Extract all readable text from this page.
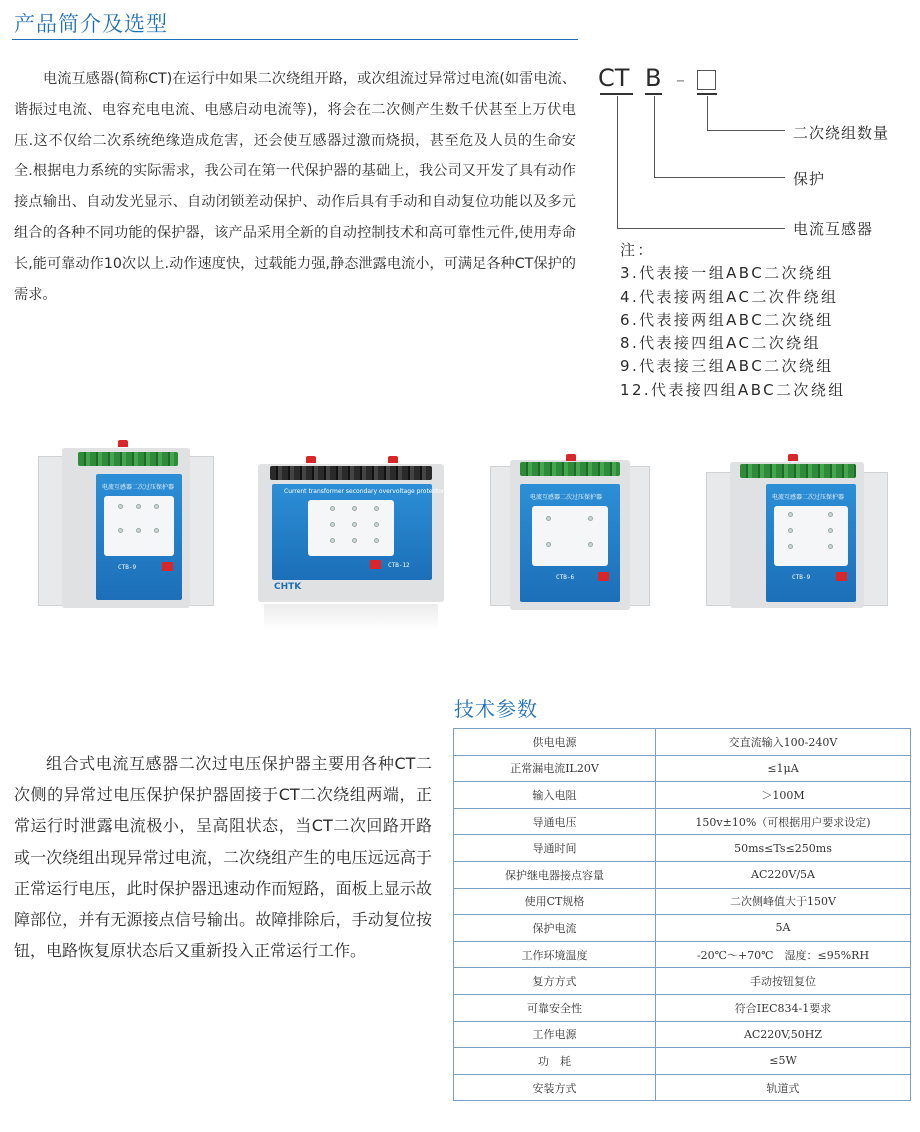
产品简介及选型

电流互感器(简称CT)在运行中如果二次绕组开路，或次组流过异常过电流(如雷电流、谐振过电流、电容充电电流、电感启动电流等)，将会在二次侧产生数千伏甚至上万伏电压.这不仅给二次系统绝缘造成危害，还会使互感器过激而烧损，甚至危及人员的生命安全.根据电力系统的实际需求，我公司在第一代保护器的基础上，我公司又开发了具有动作接点输出、自动发光显示、自动闭锁差动保护、动作后具有手动和自动复位功能以及多元组合的各种不同功能的保护器，该产品采用全新的自动控制技术和高可靠性元件,使用寿命长,能可靠动作10次以上.动作速度快，过载能力强,静态泄露电流小，可满足各种CT保护的需求。

CT B –
二次绕组数量
保护
电流互感器
注：
3.代表接一组ABC二次绕组
4.代表接两组AC二次件绕组
6.代表接两组ABC二次绕组
8.代表接四组AC二次绕组
9.代表接三组ABC二次绕组
12.代表接四组ABC二次绕组
电流互感器二次过压保护器
CTB-9
Current transformer secondary overvoltage protector
CTB-12
CHTK
电流互感器二次过压保护器
CTB-6
电流互感器二次过压保护器
CTB-9
技术参数

组合式电流互感器二次过电压保护器主要用各种CT二次侧的异常过电压保护保护器固接于CT二次绕组两端，正常运行时泄露电流极小，呈高阻状态，当CT二次回路开路或一次绕组出现异常过电流，二次绕组产生的电压远远高于正常运行电压，此时保护器迅速动作而短路，面板上显示故障部位，并有无源接点信号输出。故障排除后，手动复位按钮，电路恢复原状态后又重新投入正常运行工作。

供电电源	交直流输入100-240V
正常漏电流IL20V	≤1μA
输入电阻	＞100M
导通电压	150v±10%（可根据用户要求设定)
导通时间	50ms≤Ts≤250ms
保护继电器接点容量	AC220V/5A
使用CT规格	二次侧峰值大于150V
保护电流	5A
工作环境温度	-20℃～+70℃　湿度：≤95%RH
复方方式	手动按钮复位
可靠安全性	符合IEC834-1要求
工作电源	AC220V,50HZ
功　耗	≤5W
安装方式	轨道式
